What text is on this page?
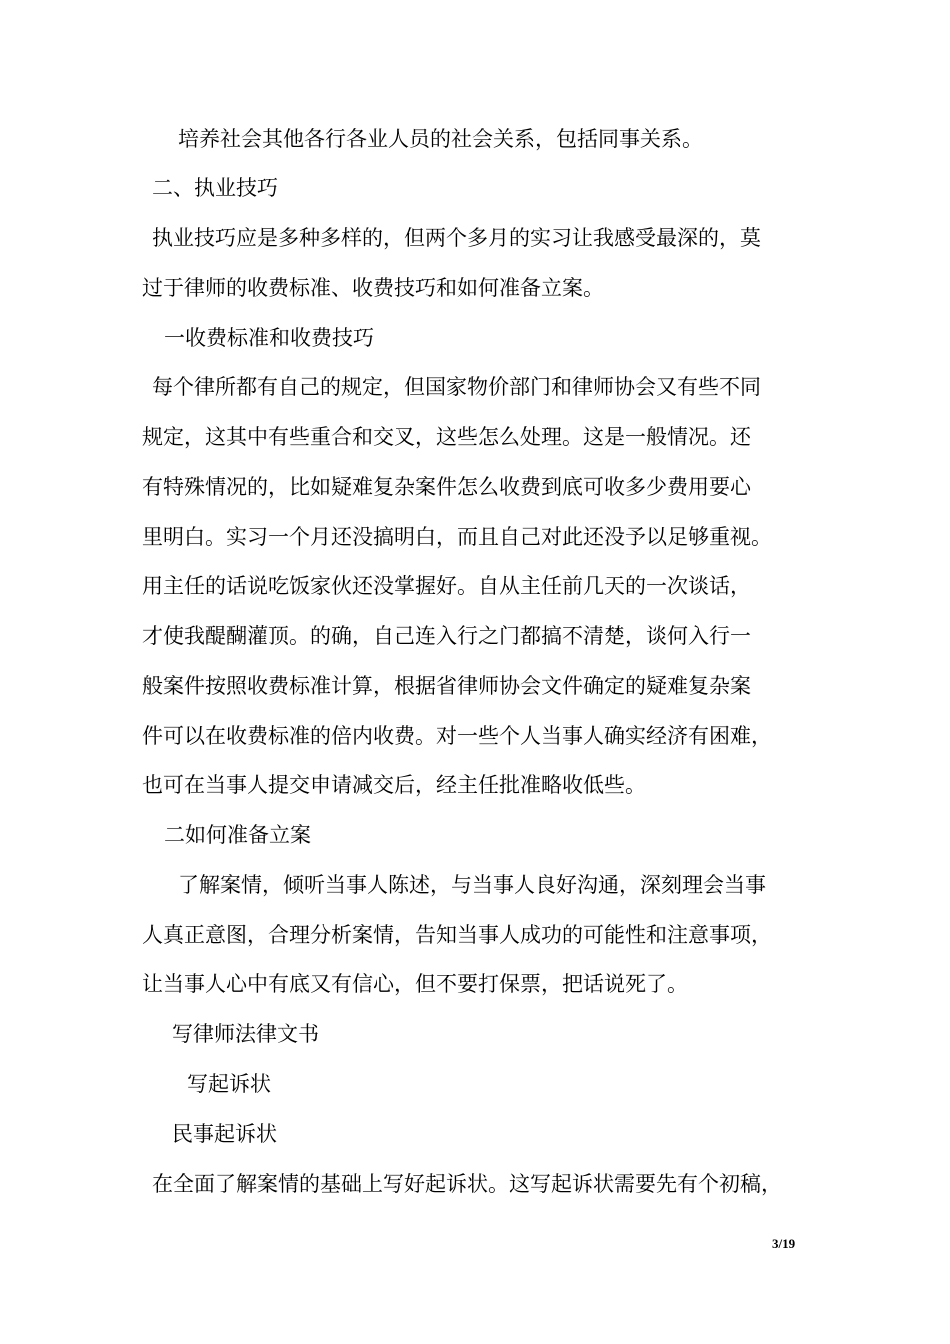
培养社会其他各行各业人员的社会关系，包括同事关系。
二、执业技巧
执业技巧应是多种多样的，但两个多月的实习让我感受最深的，莫
过于律师的收费标准、收费技巧和如何准备立案。
一收费标准和收费技巧
每个律所都有自己的规定，但国家物价部门和律师协会又有些不同
规定，这其中有些重合和交叉，这些怎么处理。这是一般情况。还
有特殊情况的，比如疑难复杂案件怎么收费到底可收多少费用要心
里明白。实习一个月还没搞明白，而且自己对此还没予以足够重视。
用主任的话说吃饭家伙还没掌握好。自从主任前几天的一次谈话，
才使我醍醐灌顶。的确，自己连入行之门都搞不清楚，谈何入行一
般案件按照收费标准计算，根据省律师协会文件确定的疑难复杂案
件可以在收费标准的倍内收费。对一些个人当事人确实经济有困难，
也可在当事人提交申请减交后，经主任批准略收低些。
二如何准备立案
了解案情，倾听当事人陈述，与当事人良好沟通，深刻理会当事
人真正意图，合理分析案情，告知当事人成功的可能性和注意事项，
让当事人心中有底又有信心，但不要打保票，把话说死了。
写律师法律文书
写起诉状
民事起诉状
在全面了解案情的基础上写好起诉状。这写起诉状需要先有个初稿，
3/19
